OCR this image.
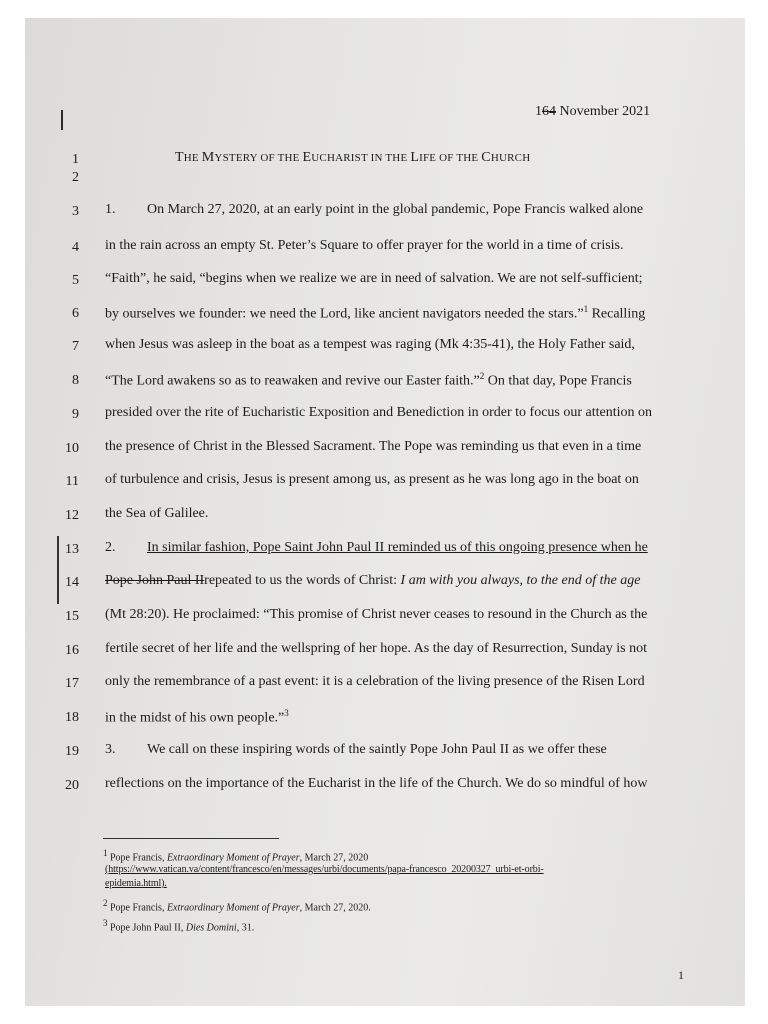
164 November 2021
1
2
3
4
5
6
7
8
9
10
11
12
13
14
15
16
17
18
19
20
THE MYSTERY OF THE EUCHARIST IN THE LIFE OF THE CHURCH
1. On March 27, 2020, at an early point in the global pandemic, Pope Francis walked alone
in the rain across an empty St. Peter’s Square to offer prayer for the world in a time of crisis.
“Faith”, he said, “begins when we realize we are in need of salvation. We are not self-sufficient;
by ourselves we founder: we need the Lord, like ancient navigators needed the stars.”$^1$ Recalling
when Jesus was asleep in the boat as a tempest was raging (Mk 4:35-41), the Holy Father said,
“The Lord awakens so as to reawaken and revive our Easter faith.”$^2$ On that day, Pope Francis
presided over the rite of Eucharistic Exposition and Benediction in order to focus our attention on
the presence of Christ in the Blessed Sacrament. The Pope was reminding us that even in a time
of turbulence and crisis, Jesus is present among us, as present as he was long ago in the boat on
the Sea of Galilee.
2. In similar fashion, Pope Saint John Paul II reminded us of this ongoing presence when he
Pope John Paul IIrepeated to us the words of Christ: I am with you always, to the end of the age
(Mt 28:20). He proclaimed: “This promise of Christ never ceases to resound in the Church as the
fertile secret of her life and the wellspring of her hope. As the day of Resurrection, Sunday is not
only the remembrance of a past event: it is a celebration of the living presence of the Risen Lord
in the midst of his own people.”$^3$
3. We call on these inspiring words of the saintly Pope John Paul II as we offer these
reflections on the importance of the Eucharist in the life of the Church. We do so mindful of how
$^1$ Pope Francis, Extraordinary Moment of Prayer, March 27, 2020
(https://www.vatican.va/content/francesco/en/messages/urbi/documents/papa-francesco_20200327_urbi-et-orbi-
epidemia.html).
$^2$ Pope Francis, Extraordinary Moment of Prayer, March 27, 2020.
$^3$ Pope John Paul II, Dies Domini, 31.
1
